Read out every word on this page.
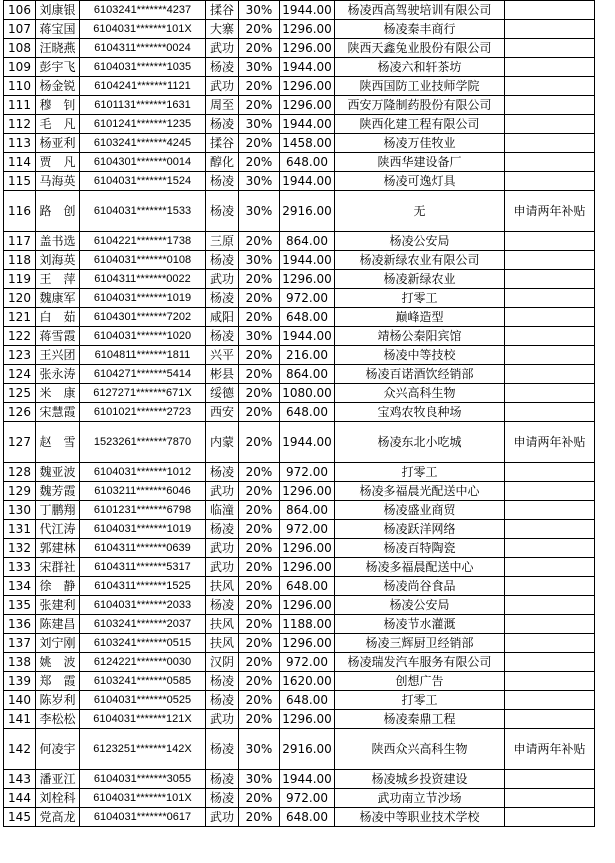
106	刘康银	6103241*******4237	揉谷	30%	1944.00	杨凌西高驾驶培训有限公司	
107	蒋宝国	6104031*******101X	大寨	20%	1296.00	杨凌秦丰商行	
108	汪晓燕	6104311*******0024	武功	20%	1296.00	陕西天鑫兔业股份有限公司	
109	彭宇飞	6104031*******1035	杨凌	30%	1944.00	杨凌六和轩茶坊	
110	杨金锐	6104241*******1121	武功	20%	1296.00	陕西国防工业技师学院	
111	穆　钊	6101131*******1631	周至	20%	1296.00	西安万隆制药股份有限公司	
112	毛　凡	6101241*******1235	杨凌	30%	1944.00	陕西化建工程有限公司	
113	杨亚利	6103241*******4245	揉谷	20%	1458.00	杨凌万佳牧业	
114	贾　凡	6104301*******0014	醇化	20%	648.00	陕西华建设备厂	
115	马海英	6104031*******1524	杨凌	30%	1944.00	杨凌可逸灯具	
116	路　创	6104031*******1533	杨凌	30%	2916.00	无	申请两年补贴
117	盖书选	6104221*******1738	三原	20%	864.00	杨凌公安局	
118	刘海英	6104031*******0108	杨凌	30%	1944.00	杨凌新绿农业有限公司	
119	王　萍	6104311*******0022	武功	20%	1296.00	杨凌新绿农业	
120	魏康军	6104031*******1019	杨凌	20%	972.00	打零工	
121	白　茹	6104301*******7202	咸阳	20%	648.00	巅峰造型	
122	蒋雪霞	6104031*******1020	杨凌	30%	1944.00	靖杨公秦阳宾馆	
123	王兴团	6104811*******1811	兴平	20%	216.00	杨凌中等技校	
124	张永涛	6104271*******5414	彬县	20%	864.00	杨凌百诺酒饮经销部	
125	米　康	6127271*******671X	绥德	20%	1080.00	众兴高科生物	
126	宋慧霞	6101021*******2723	西安	20%	648.00	宝鸡农牧良种场	
127	赵　雪	1523261*******7870	内蒙	20%	1944.00	杨凌东北小吃城	申请两年补贴
128	魏亚波	6104031*******1012	杨凌	20%	972.00	打零工	
129	魏芳霞	6103211*******6046	武功	20%	1296.00	杨凌多福晨光配送中心	
130	丁鹏翔	6101231*******6798	临潼	20%	864.00	杨凌盛业商贸	
131	代江涛	6104031*******1019	杨凌	20%	972.00	杨凌跃洋网络	
132	郭建林	6104311*******0639	武功	20%	1296.00	杨凌百特陶瓷	
133	宋群社	6104311*******5317	武功	20%	1296.00	杨凌多福晨配送中心	
134	徐　静	6104311*******1525	扶风	20%	648.00	杨凌尚谷食品	
135	张建利	6104031*******2033	杨凌	20%	1296.00	杨凌公安局	
136	陈建昌	6103241*******2037	扶风	20%	1188.00	杨凌节水灌溉	
137	刘宁刚	6103241*******0515	扶风	20%	1296.00	杨凌三辉厨卫经销部	
138	姚　波	6124221*******0030	汉阴	20%	972.00	杨凌瑞发汽车服务有限公司	
139	郑　霞	6103241*******0585	杨凌	20%	1620.00	创想广告	
140	陈岁利	6104031*******0525	杨凌	20%	648.00	打零工	
141	李松松	6104031*******121X	武功	20%	1296.00	杨凌秦鼎工程	
142	何凌宇	6123251*******142X	杨凌	30%	2916.00	陕西众兴高科生物	申请两年补贴
143	潘亚江	6104031*******3055	杨凌	30%	1944.00	杨凌城乡投资建设	
144	刘栓科	6104031*******101X	杨凌	20%	972.00	武功南立节沙场	
145	党高龙	6104031*******0617	武功	20%	648.00	杨凌中等职业技术学校	
